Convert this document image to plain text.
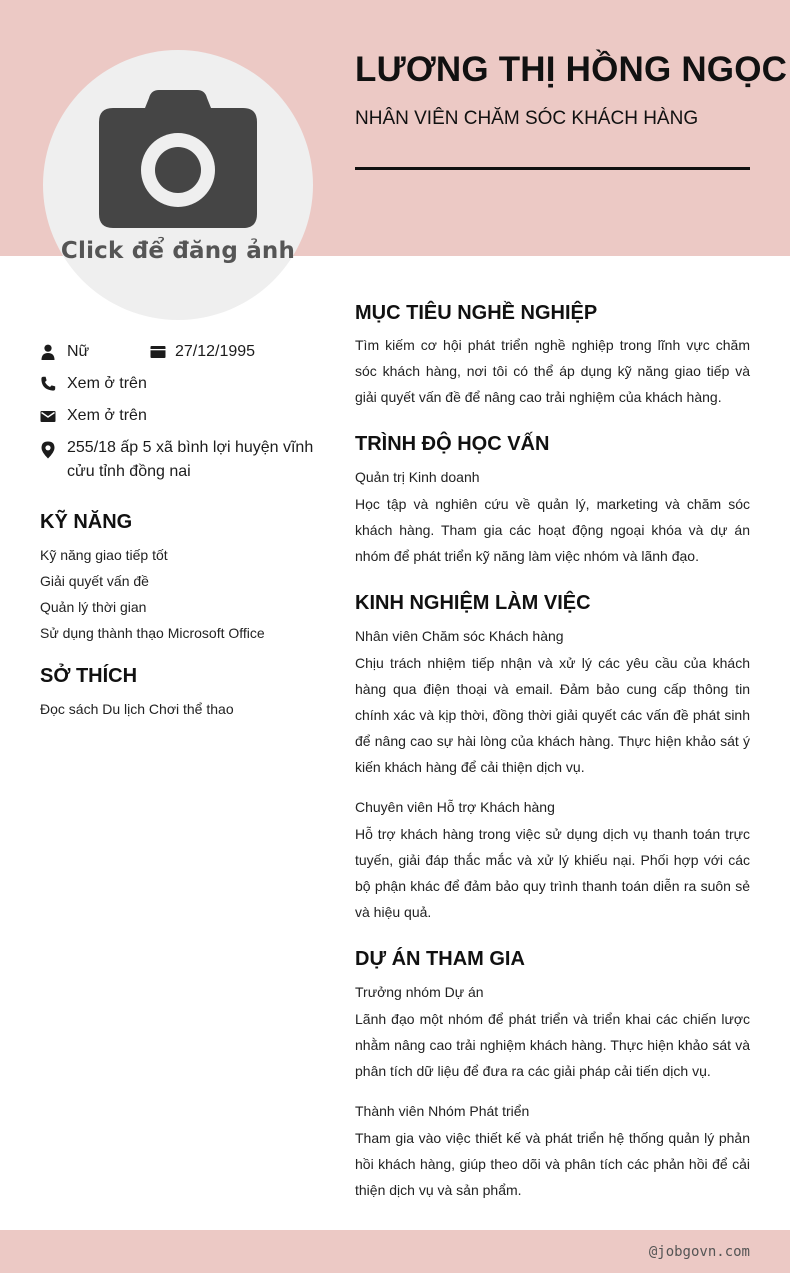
Click để đăng ảnh
LƯƠNG THỊ HỒNG NGỌC
NHÂN VIÊN CHĂM SÓC KHÁCH HÀNG
Nữ	27/12/1995
Xem ở trên
Xem ở trên
255/18 ấp 5 xã bình lợi huyện vĩnh cửu tỉnh đồng nai
KỸ NĂNG
Kỹ năng giao tiếp tốt
Giải quyết vấn đề
Quản lý thời gian
Sử dụng thành thạo Microsoft Office
SỞ THÍCH
Đọc sách Du lịch Chơi thể thao
MỤC TIÊU NGHỀ NGHIỆP
Tìm kiếm cơ hội phát triển nghề nghiệp trong lĩnh vực chăm sóc khách hàng, nơi tôi có thể áp dụng kỹ năng giao tiếp và giải quyết vấn đề để nâng cao trải nghiệm của khách hàng.
TRÌNH ĐỘ HỌC VẤN
Quản trị Kinh doanh
Học tập và nghiên cứu về quản lý, marketing và chăm sóc khách hàng. Tham gia các hoạt động ngoại khóa và dự án nhóm để phát triển kỹ năng làm việc nhóm và lãnh đạo.
KINH NGHIỆM LÀM VIỆC
Nhân viên Chăm sóc Khách hàng
Chịu trách nhiệm tiếp nhận và xử lý các yêu cầu của khách hàng qua điện thoại và email. Đảm bảo cung cấp thông tin chính xác và kịp thời, đồng thời giải quyết các vấn đề phát sinh để nâng cao sự hài lòng của khách hàng. Thực hiện khảo sát ý kiến khách hàng để cải thiện dịch vụ.
Chuyên viên Hỗ trợ Khách hàng
Hỗ trợ khách hàng trong việc sử dụng dịch vụ thanh toán trực tuyến, giải đáp thắc mắc và xử lý khiếu nại. Phối hợp với các bộ phận khác để đảm bảo quy trình thanh toán diễn ra suôn sẻ và hiệu quả.
DỰ ÁN THAM GIA
Trưởng nhóm Dự án
Lãnh đạo một nhóm để phát triển và triển khai các chiến lược nhằm nâng cao trải nghiệm khách hàng. Thực hiện khảo sát và phân tích dữ liệu để đưa ra các giải pháp cải tiến dịch vụ.
Thành viên Nhóm Phát triển
Tham gia vào việc thiết kế và phát triển hệ thống quản lý phản hồi khách hàng, giúp theo dõi và phân tích các phản hồi để cải thiện dịch vụ và sản phẩm.
@jobgovn.com
